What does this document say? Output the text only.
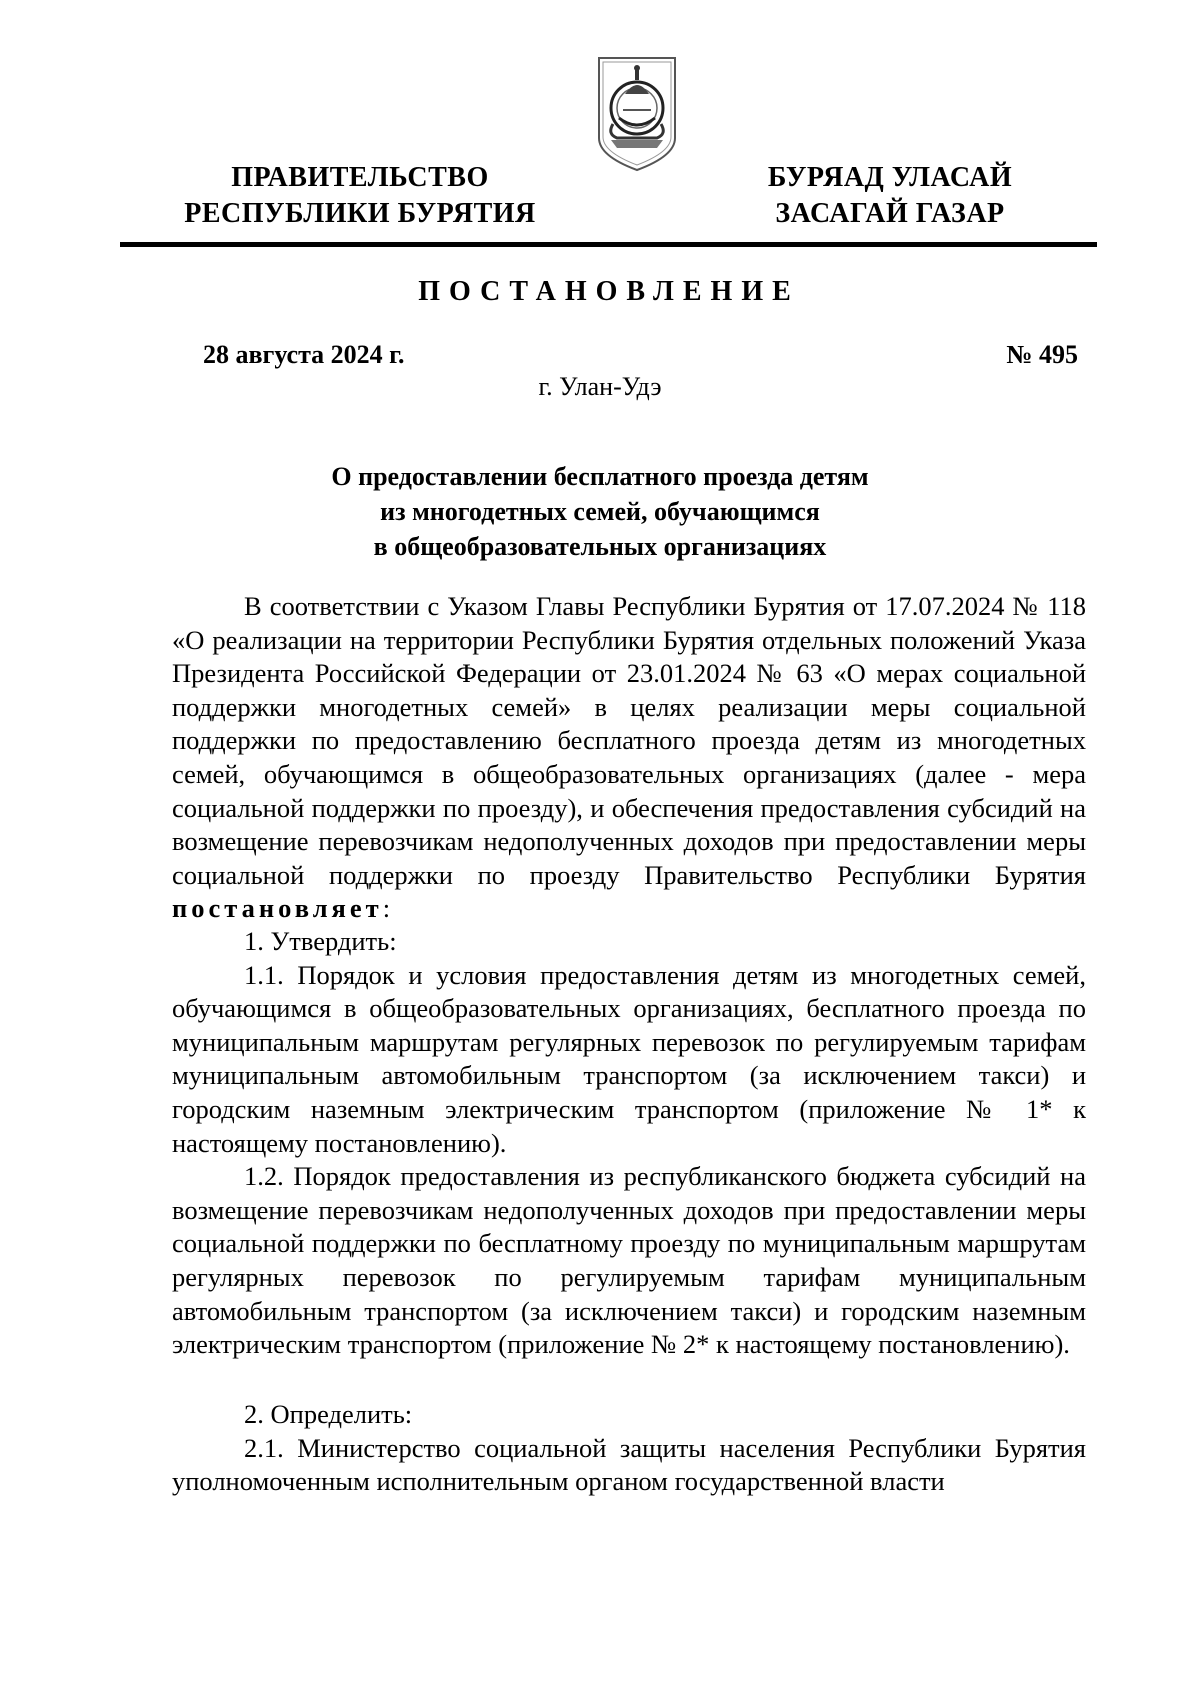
ПРАВИТЕЛЬСТВО
РЕСПУБЛИКИ БУРЯТИЯ
БУРЯАД УЛАСАЙ
ЗАСАГАЙ ГАЗАР
ПОСТАНОВЛЕНИЕ
28 августа 2024 г.	№ 495
г. Улан-Удэ
О предоставлении бесплатного проезда детям
из многодетных семей, обучающимся
в общеобразовательных организациях

В соответствии с Указом Главы Республики Бурятия от 17.07.2024 № 118 «О реализации на территории Республики Бурятия отдельных положений Указа Президента Российской Федерации от 23.01.2024 № 63 «О мерах социальной поддержки многодетных семей» в целях реализации меры социальной поддержки по предоставлению бесплатного проезда детям из многодетных семей, обучающимся в общеобразовательных организациях (далее - мера социальной поддержки по проезду), и обеспечения предоставления субсидий на возмещение перевозчикам недополученных доходов при предоставлении меры социальной поддержки по проезду Правительство Республики Бурятия постановляет:

1. Утвердить:

1.1. Порядок и условия предоставления детям из многодетных семей, обучающимся в общеобразовательных организациях, бесплатного проезда по муниципальным маршрутам регулярных перевозок по регулируемым тарифам муниципальным автомобильным транспортом (за исключением такси) и городским наземным электрическим транспортом (приложение № 1* к настоящему постановлению).

1.2. Порядок предоставления из республиканского бюджета субсидий на возмещение перевозчикам недополученных доходов при предоставлении меры социальной поддержки по бесплатному проезду по муниципальным маршрутам регулярных перевозок по регулируемым тарифам муниципальным автомобильным транспортом (за исключением такси) и городским наземным электрическим транспортом (приложение № 2* к настоящему постановлению).

2. Определить:

2.1. Министерство социальной защиты населения Республики Бурятия уполномоченным исполнительным органом государственной власти
